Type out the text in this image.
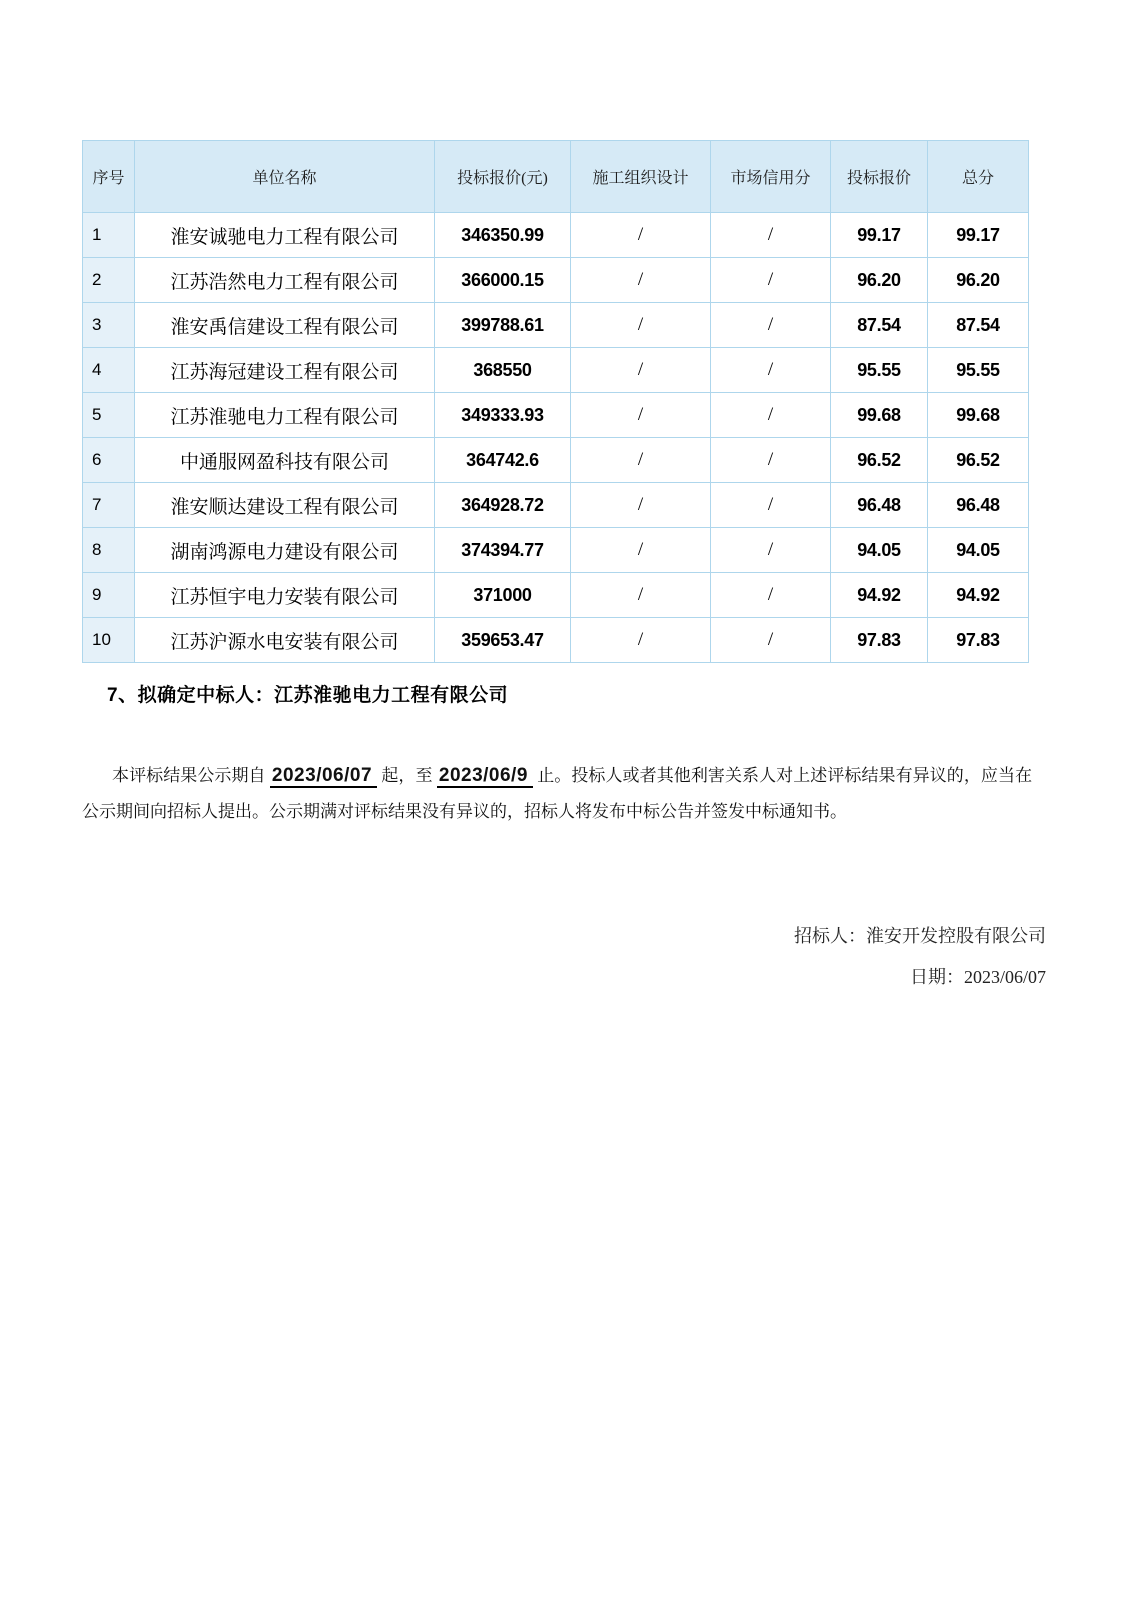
序号	单位名称	投标报价(元)	施工组织设计	市场信用分	投标报价	总分
1	淮安诚驰电力工程有限公司	346350.99	/	/	99.17	99.17
2	江苏浩然电力工程有限公司	366000.15	/	/	96.20	96.20
3	淮安禹信建设工程有限公司	399788.61	/	/	87.54	87.54
4	江苏海冠建设工程有限公司	368550	/	/	95.55	95.55
5	江苏淮驰电力工程有限公司	349333.93	/	/	99.68	99.68
6	中通服网盈科技有限公司	364742.6	/	/	96.52	96.52
7	淮安顺达建设工程有限公司	364928.72	/	/	96.48	96.48
8	湖南鸿源电力建设有限公司	374394.77	/	/	94.05	94.05
9	江苏恒宇电力安装有限公司	371000	/	/	94.92	94.92
10	江苏沪源水电安装有限公司	359653.47	/	/	97.83	97.83
7、拟确定中标人：江苏淮驰电力工程有限公司

本评标结果公示期自 2023/06/07 起，至 2023/06/9 止。投标人或者其他利害关系人对上述评标结果有异议的，应当在公示期间向招标人提出。公示期满对评标结果没有异议的，招标人将发布中标公告并签发中标通知书。

招标人：淮安开发控股有限公司
日期：2023/06/07
